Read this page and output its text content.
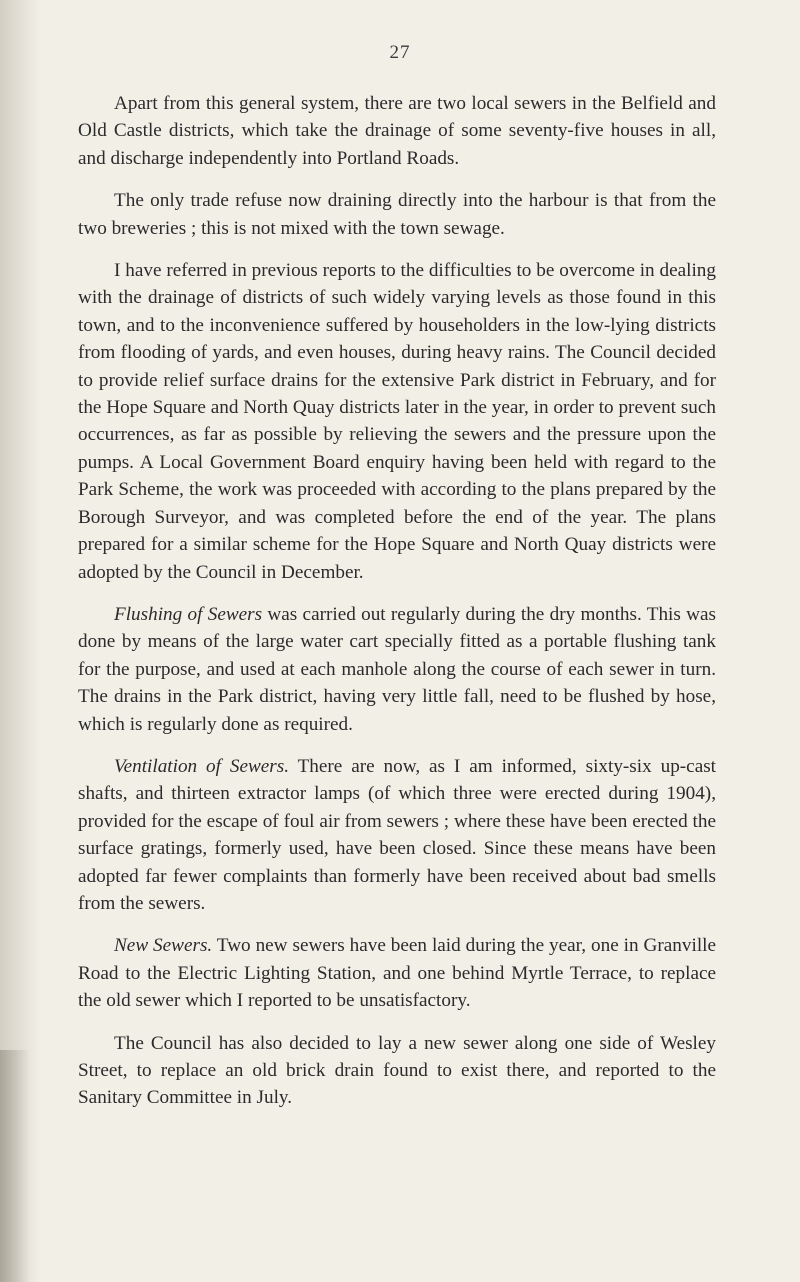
27

Apart from this general system, there are two local sewers in the Belfield and Old Castle districts, which take the drainage of some seventy-five houses in all, and discharge independently into Portland Roads.

The only trade refuse now draining directly into the harbour is that from the two breweries ; this is not mixed with the town sewage.

I have referred in previous reports to the difficulties to be overcome in dealing with the drainage of districts of such widely varying levels as those found in this town, and to the inconvenience suffered by householders in the low-lying districts from flooding of yards, and even houses, during heavy rains. The Council decided to provide relief surface drains for the extensive Park district in February, and for the Hope Square and North Quay districts later in the year, in order to prevent such occurrences, as far as possible by relieving the sewers and the pressure upon the pumps. A Local Government Board enquiry having been held with regard to the Park Scheme, the work was proceeded with according to the plans prepared by the Borough Surveyor, and was completed before the end of the year. The plans prepared for a similar scheme for the Hope Square and North Quay districts were adopted by the Council in December.

Flushing of Sewers was carried out regularly during the dry months. This was done by means of the large water cart specially fitted as a portable flushing tank for the purpose, and used at each manhole along the course of each sewer in turn. The drains in the Park district, having very little fall, need to be flushed by hose, which is regularly done as required.

Ventilation of Sewers. There are now, as I am informed, sixty-six up-cast shafts, and thirteen extractor lamps (of which three were erected during 1904), provided for the escape of foul air from sewers ; where these have been erected the surface gratings, formerly used, have been closed. Since these means have been adopted far fewer complaints than formerly have been received about bad smells from the sewers.

New Sewers. Two new sewers have been laid during the year, one in Granville Road to the Electric Lighting Station, and one behind Myrtle Terrace, to replace the old sewer which I reported to be unsatisfactory.

The Council has also decided to lay a new sewer along one side of Wesley Street, to replace an old brick drain found to exist there, and reported to the Sanitary Committee in July.
